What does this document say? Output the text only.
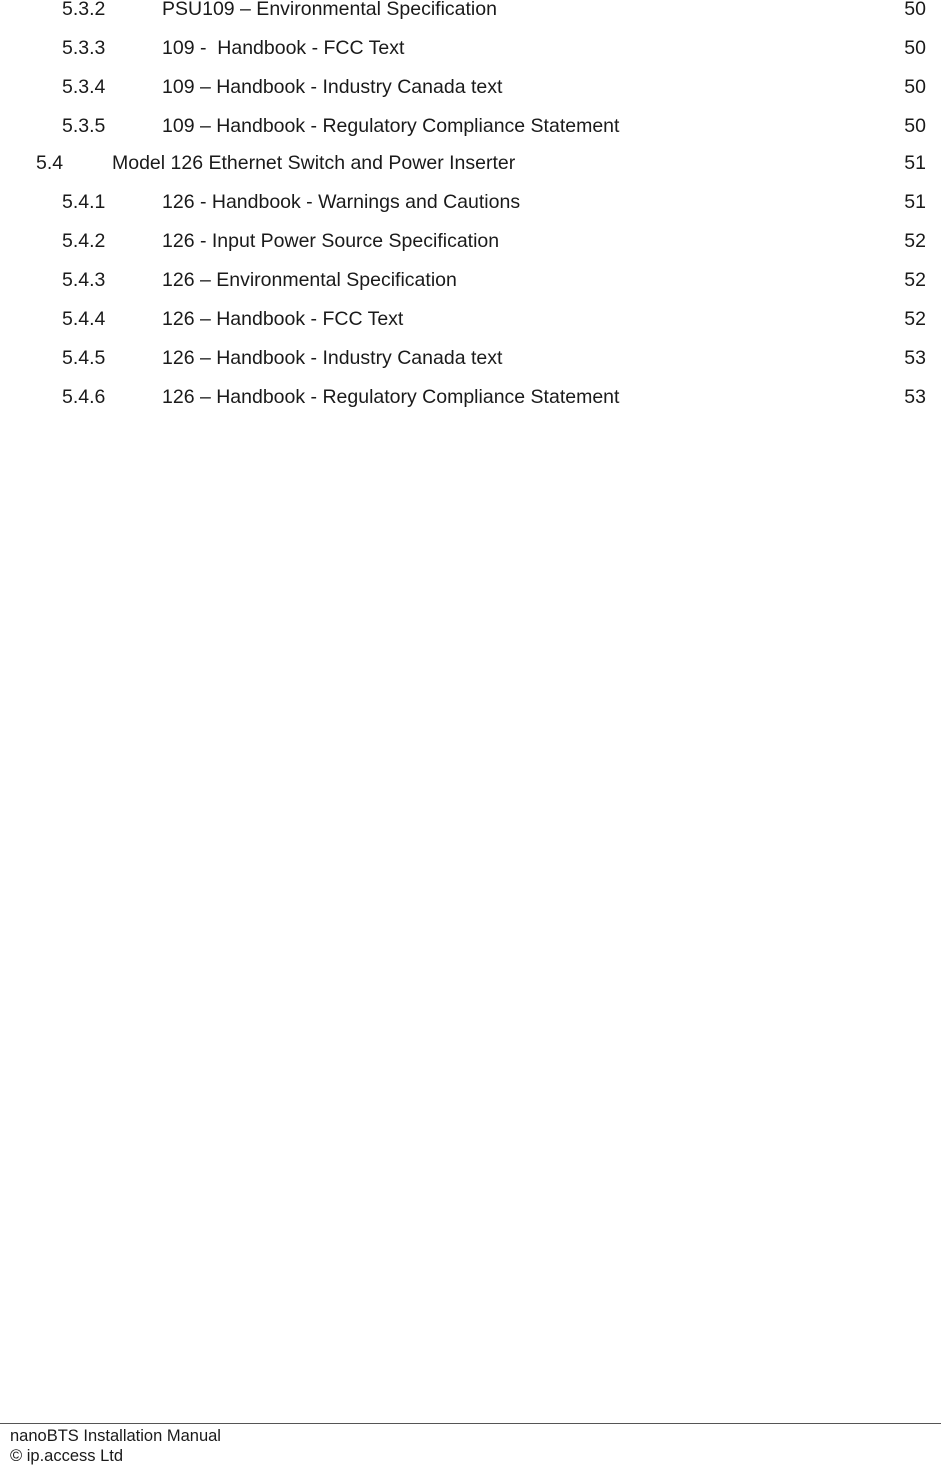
5.3.2	PSU109 – Environmental Specification	50
5.3.3	109 -  Handbook - FCC Text	50
5.3.4	109 – Handbook - Industry Canada text	50
5.3.5	109 – Handbook - Regulatory Compliance Statement	50
5.4	Model 126 Ethernet Switch and Power Inserter	51
5.4.1	126 - Handbook - Warnings and Cautions	51
5.4.2	126 - Input Power Source Specification	52
5.4.3	126 – Environmental Specification	52
5.4.4	126 – Handbook - FCC Text	52
5.4.5	126 – Handbook - Industry Canada text	53
5.4.6	126 – Handbook - Regulatory Compliance Statement	53
nanoBTS Installation Manual
© ip.access Ltd
